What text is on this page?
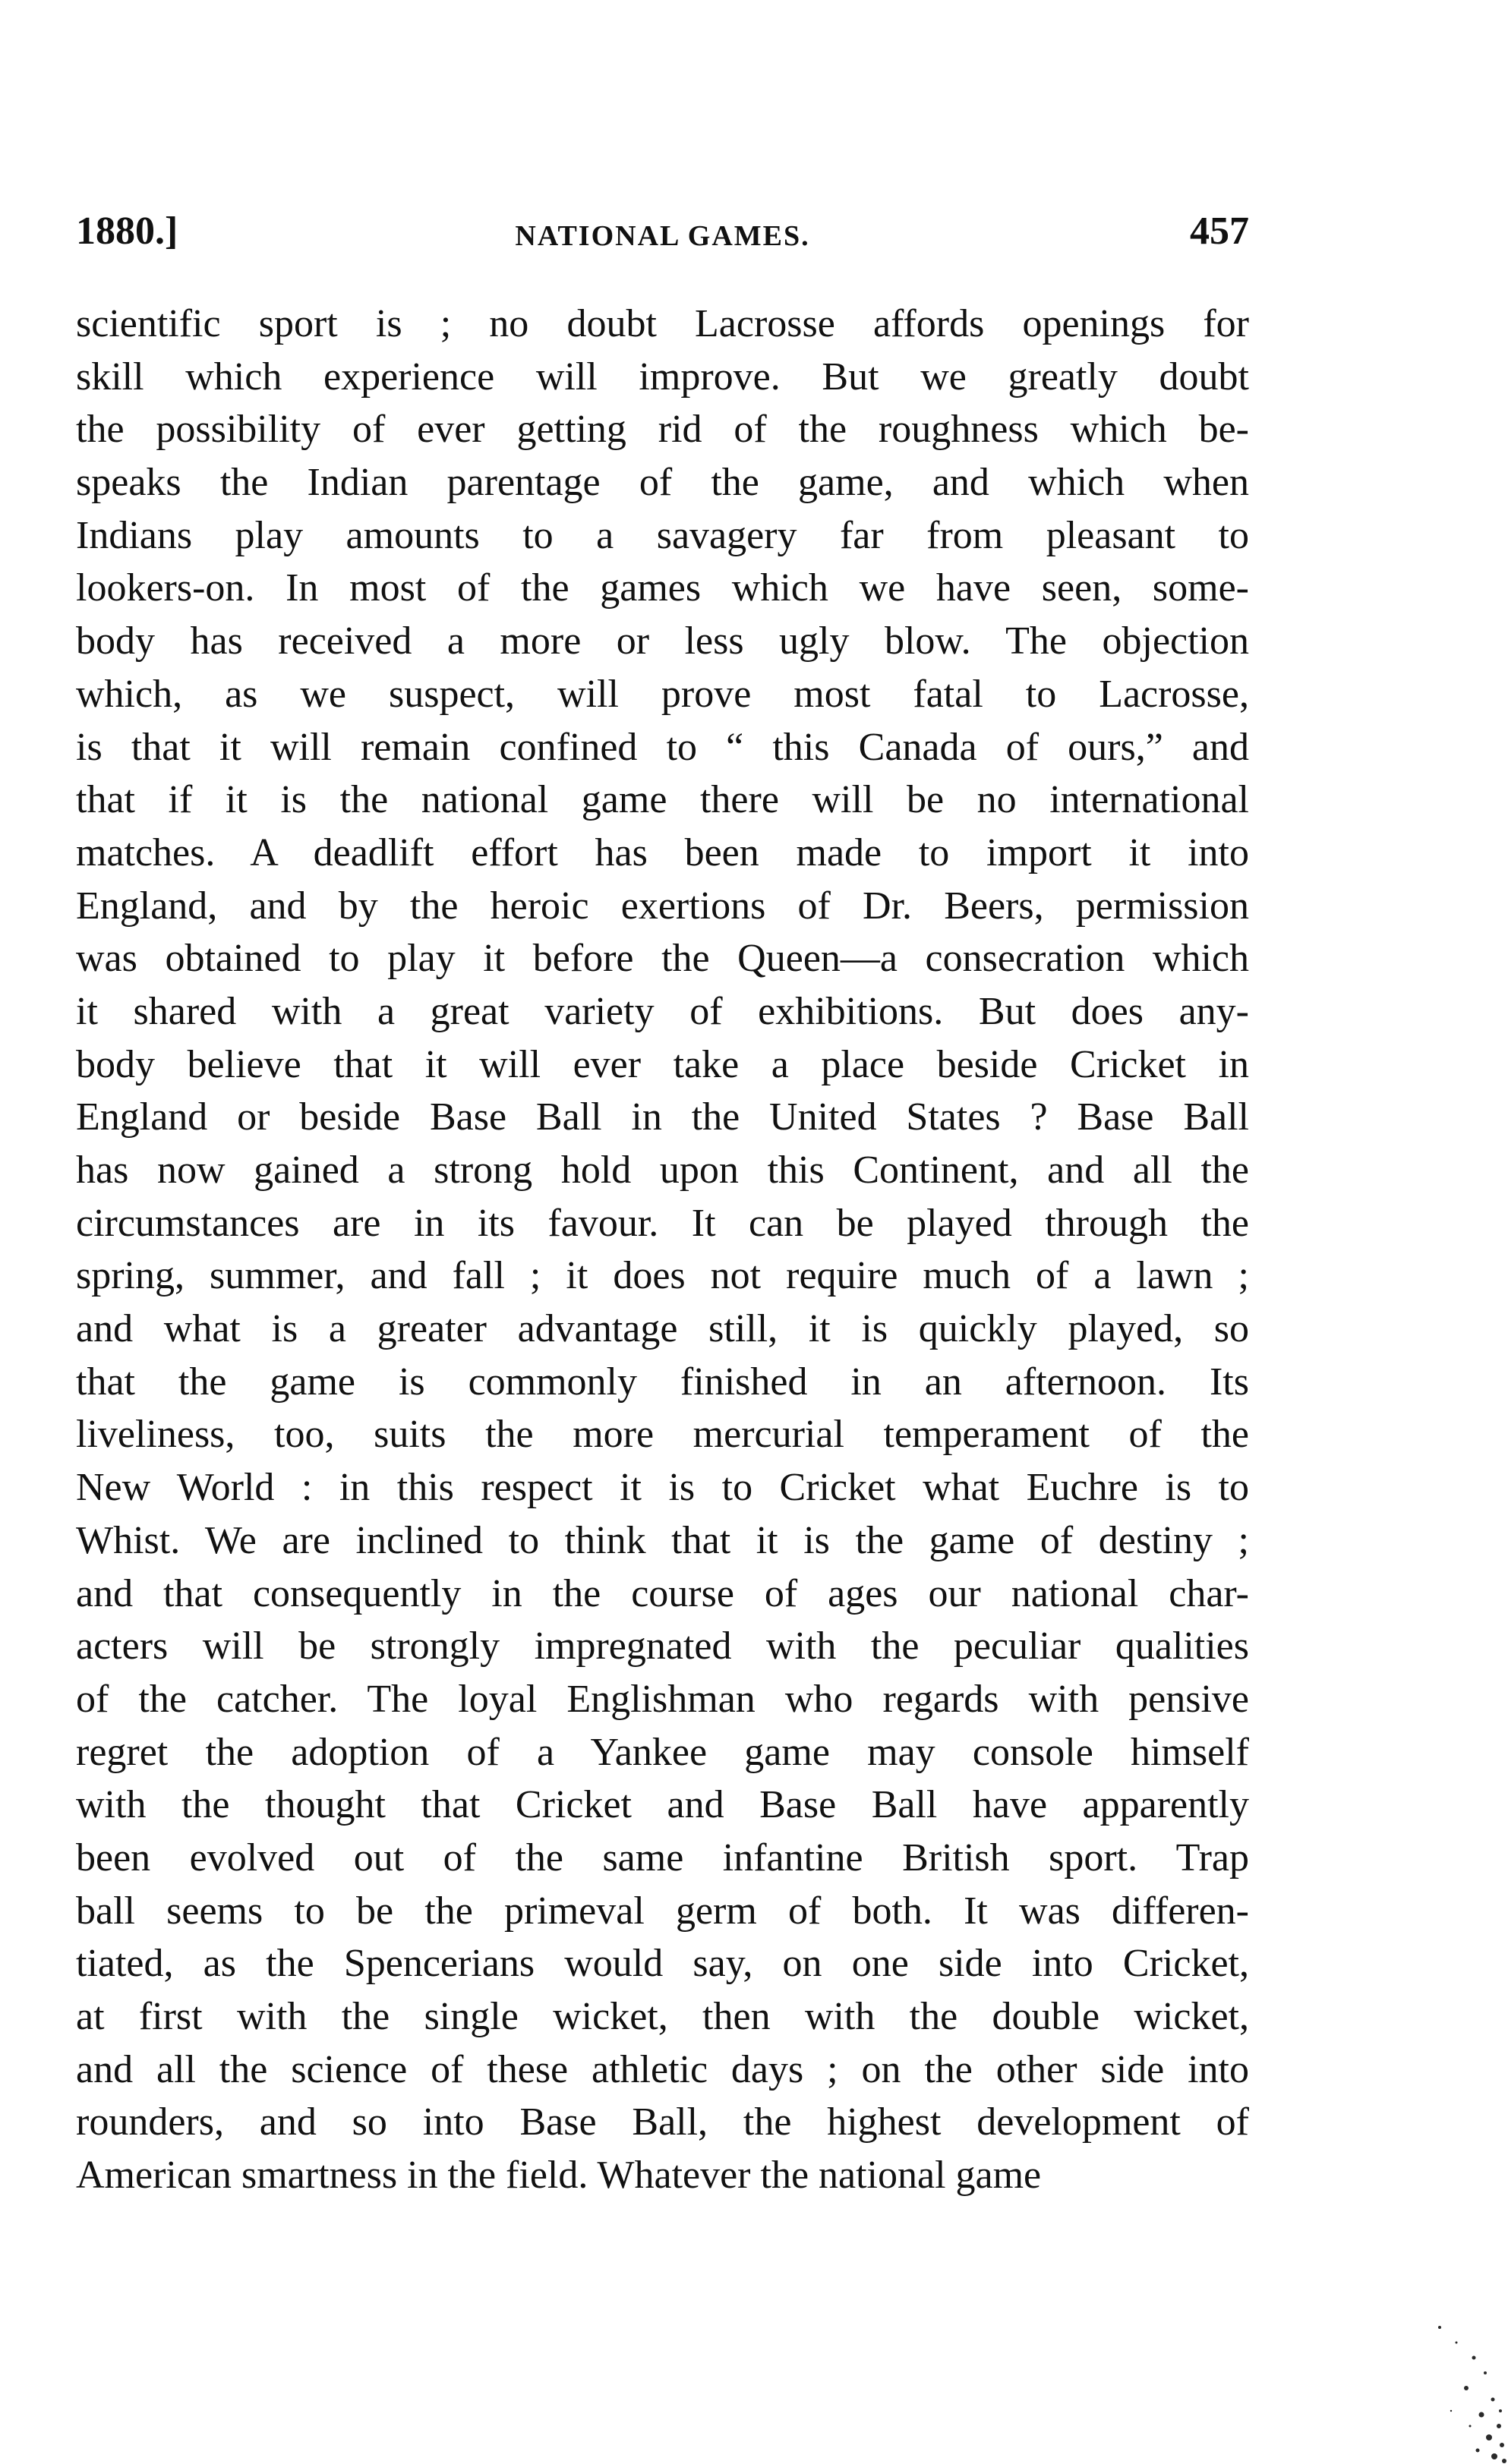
1880.]	NATIONAL GAMES.	457
scientific sport is ; no doubt Lacrosse affords openings for
skill which experience will improve. But we greatly doubt
the possibility of ever getting rid of the roughness which be-
speaks the Indian parentage of the game, and which when
Indians play amounts to a savagery far from pleasant to
lookers-on. In most of the games which we have seen, some-
body has received a more or less ugly blow. The objection
which, as we suspect, will prove most fatal to Lacrosse,
is that it will remain confined to “ this Canada of ours,” and
that if it is the national game there will be no international
matches. A deadlift effort has been made to import it into
England, and by the heroic exertions of Dr. Beers, permission
was obtained to play it before the Queen—a consecration which
it shared with a great variety of exhibitions. But does any-
body believe that it will ever take a place beside Cricket in
England or beside Base Ball in the United States ? Base Ball
has now gained a strong hold upon this Continent, and all the
circumstances are in its favour. It can be played through the
spring, summer, and fall ; it does not require much of a lawn ;
and what is a greater advantage still, it is quickly played, so
that the game is commonly finished in an afternoon. Its
liveliness, too, suits the more mercurial temperament of the
New World : in this respect it is to Cricket what Euchre is to
Whist. We are inclined to think that it is the game of destiny ;
and that consequently in the course of ages our national char-
acters will be strongly impregnated with the peculiar qualities
of the catcher. The loyal Englishman who regards with pensive
regret the adoption of a Yankee game may console himself
with the thought that Cricket and Base Ball have apparently
been evolved out of the same infantine British sport. Trap
ball seems to be the primeval germ of both. It was differen-
tiated, as the Spencerians would say, on one side into Cricket,
at first with the single wicket, then with the double wicket,
and all the science of these athletic days ; on the other side into
rounders, and so into Base Ball, the highest development of
American smartness in the field. Whatever the national game
